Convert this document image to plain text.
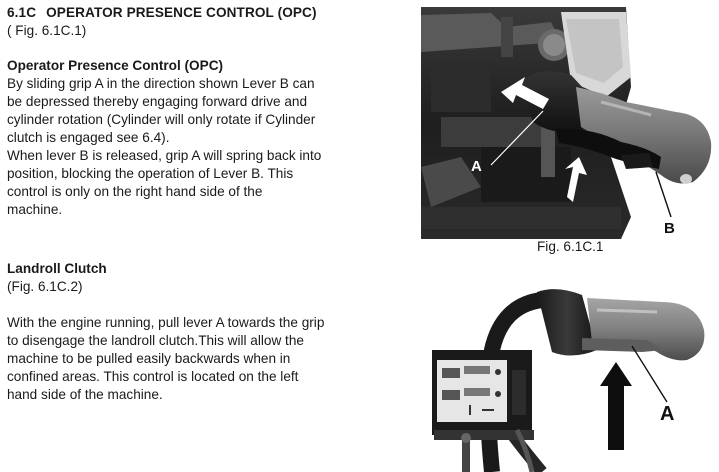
6.1C OPERATOR PRESENCE CONTROL (OPC)
( Fig. 6.1C.1)
Operator Presence Control (OPC)
By sliding grip A in the direction shown Lever B can
be depressed thereby engaging forward drive and
cylinder rotation (Cylinder will only rotate if Cylinder
clutch is engaged see 6.4).
When lever B is released, grip A will spring back into
position, blocking the operation of Lever B. This
control is only on the right hand side of the
machine.
Landroll Clutch
(Fig. 6.1C.2)
With the engine running, pull lever A towards the grip
to disengage the landroll clutch.This will allow the
machine to be pulled easily backwards when in
confined areas. This control is located on the left
hand side of the machine.
A
B
Fig. 6.1C.1
A
